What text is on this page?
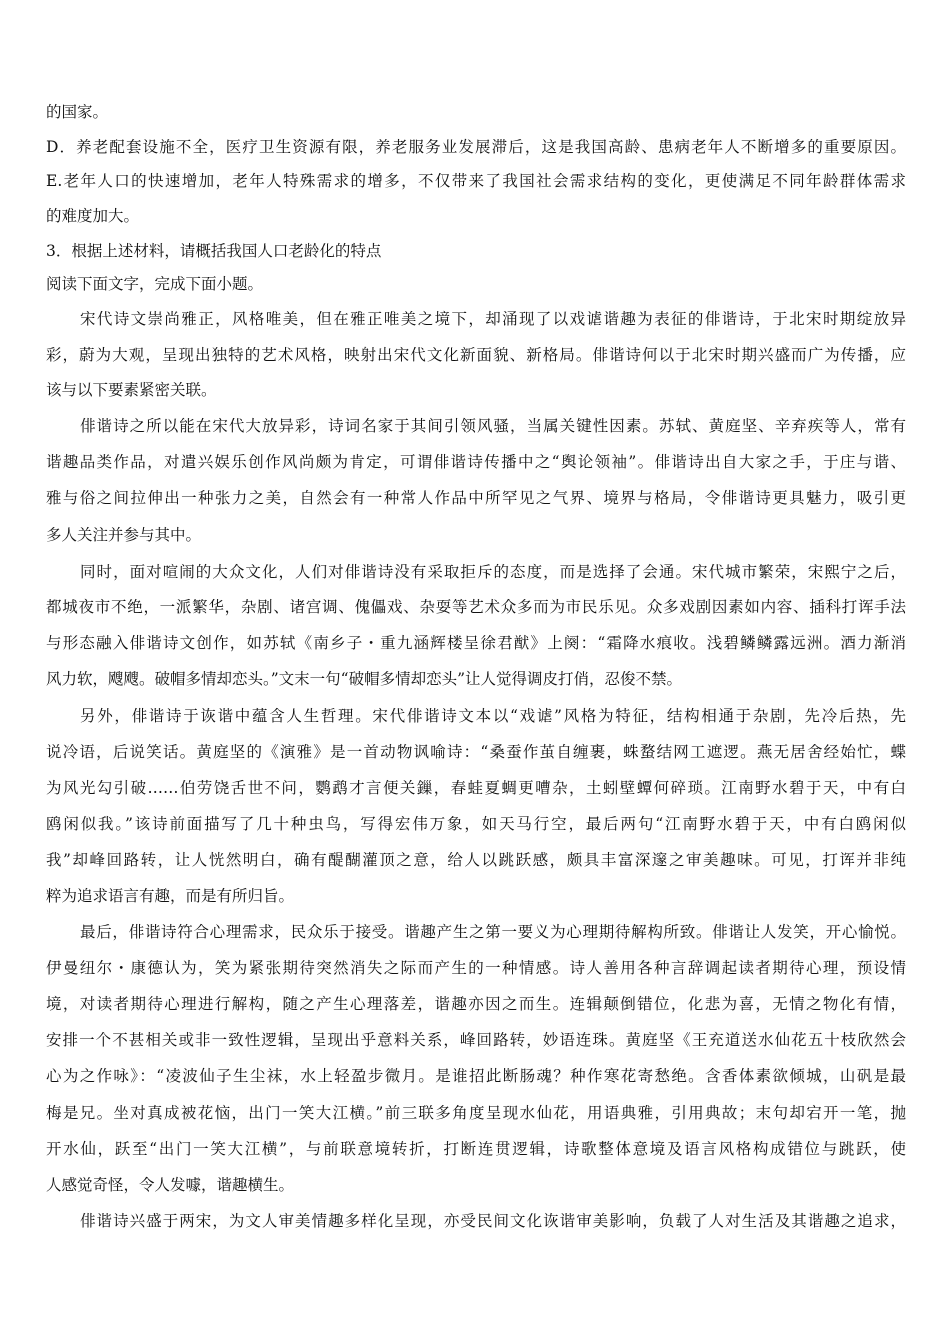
的国家。
D．养老配套设施不全，医疗卫生资源有限，养老服务业发展滞后，这是我国高龄、患病老年人不断增多的重要原因。
E.老年人口的快速增加，老年人特殊需求的增多，不仅带来了我国社会需求结构的变化，更使满足不同年龄群体需求
的难度加大。
3．根据上述材料，请概括我国人口老龄化的特点
阅读下面文字，完成下面小题。
宋代诗文崇尚雅正，风格唯美，但在雅正唯美之境下，却涌现了以戏谑谐趣为表征的俳谐诗，于北宋时期绽放异
彩，蔚为大观，呈现出独特的艺术风格，映射出宋代文化新面貌、新格局。俳谐诗何以于北宋时期兴盛而广为传播，应
该与以下要素紧密关联。
俳谐诗之所以能在宋代大放异彩，诗词名家于其间引领风骚，当属关键性因素。苏轼、黄庭坚、辛弃疾等人，常有
谐趣品类作品，对遣兴娱乐创作风尚颇为肯定，可谓俳谐诗传播中之“舆论领袖”。俳谐诗出自大家之手，于庄与谐、
雅与俗之间拉伸出一种张力之美，自然会有一种常人作品中所罕见之气界、境界与格局，令俳谐诗更具魅力，吸引更
多人关注并参与其中。
同时，面对喧闹的大众文化，人们对俳谐诗没有采取拒斥的态度，而是选择了会通。宋代城市繁荣，宋熙宁之后，
都城夜市不绝，一派繁华，杂剧、诸宫调、傀儡戏、杂耍等艺术众多而为市民乐见。众多戏剧因素如内容、插科打诨手法
与形态融入俳谐诗文创作，如苏轼《南乡子・重九涵辉楼呈徐君猷》上阕：“霜降水痕收。浅碧鳞鳞露远洲。酒力渐消
风力软，飕飕。破帽多情却恋头。”文末一句“破帽多情却恋头”让人觉得调皮打俏，忍俊不禁。
另外，俳谐诗于诙谐中蕴含人生哲理。宋代俳谐诗文本以“戏谑”风格为特征，结构相通于杂剧，先冷后热，先
说冷语，后说笑话。黄庭坚的《演雅》是一首动物讽喻诗：“桑蚕作茧自缠裹，蛛蝥结网工遮逻。燕无居舍经始忙，蝶
为风光勾引破……伯劳饶舌世不问，鹦鹉才言便关鏁，春蛙夏蜩更嘈杂，土蚓壁蟫何碎琐。江南野水碧于天，中有白
鸥闲似我。”该诗前面描写了几十种虫鸟，写得宏伟万象，如天马行空，最后两句“江南野水碧于天，中有白鸥闲似
我”却峰回路转，让人恍然明白，确有醍醐灌顶之意，给人以跳跃感，颇具丰富深邃之审美趣味。可见，打诨并非纯
粹为追求语言有趣，而是有所归旨。
最后，俳谐诗符合心理需求，民众乐于接受。谐趣产生之第一要义为心理期待解构所致。俳谐让人发笑，开心愉悦。
伊曼纽尔・康德认为，笑为紧张期待突然消失之际而产生的一种情感。诗人善用各种言辞调起读者期待心理，预设情
境，对读者期待心理进行解构，随之产生心理落差，谐趣亦因之而生。连辑颠倒错位，化悲为喜，无情之物化有情，
安排一个不甚相关或非一致性逻辑，呈现出乎意料关系，峰回路转，妙语连珠。黄庭坚《王充道送水仙花五十枝欣然会
心为之作咏》：“凌波仙子生尘袜，水上轻盈步微月。是谁招此断肠魂？种作寒花寄愁绝。含香体素欲倾城，山矾是最
梅是兄。坐对真成被花恼，出门一笑大江横。”前三联多角度呈现水仙花，用语典雅，引用典故；末句却宕开一笔，抛
开水仙，跃至“出门一笑大江横”，与前联意境转折，打断连贯逻辑，诗歌整体意境及语言风格构成错位与跳跃，使
人感觉奇怪，令人发噱，谐趣横生。
俳谐诗兴盛于两宋，为文人审美情趣多样化呈现，亦受民间文化诙谐审美影响，负载了人对生活及其谐趣之追求，
